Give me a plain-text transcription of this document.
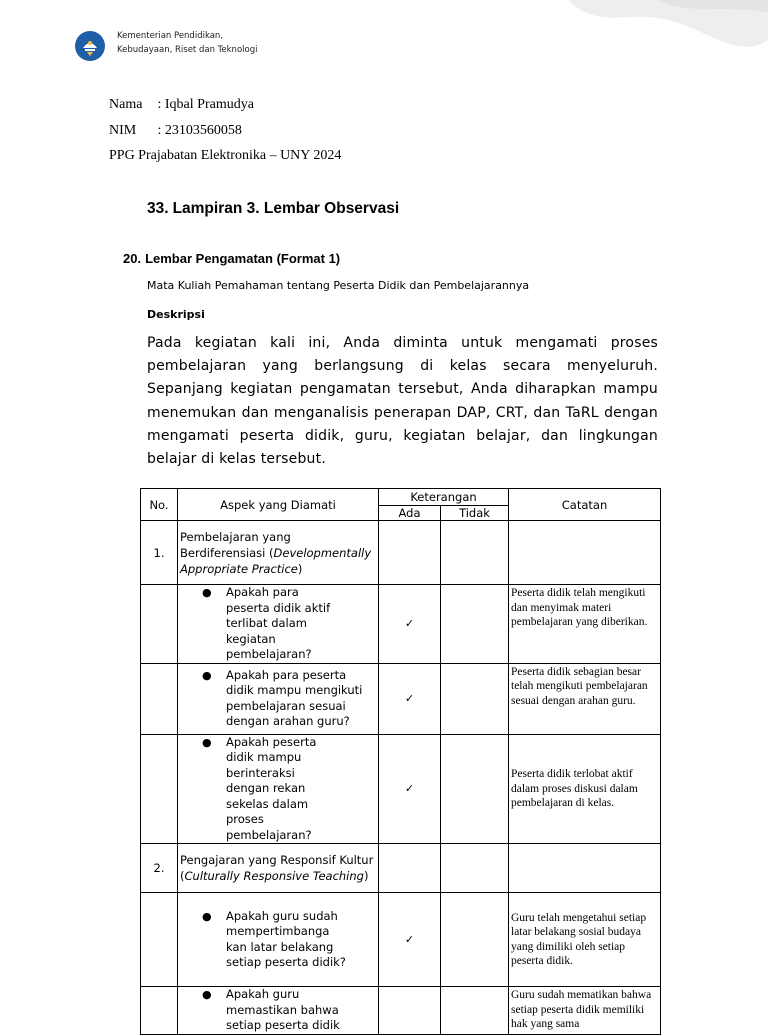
Kementerian Pendidikan,
Kebudayaan, Riset dan Teknologi
Nama : Iqbal Pramudya
NIM : 23103560058
PPG Prajabatan Elektronika – UNY 2024
33. Lampiran 3. Lembar Observasi
20. Lembar Pengamatan (Format 1)
Mata Kuliah Pemahaman tentang Peserta Didik dan Pembelajarannya
Deskripsi
Pada kegiatan kali ini, Anda diminta untuk mengamati proses pembelajaran yang berlangsung di kelas secara menyeluruh. Sepanjang kegiatan pengamatan tersebut, Anda diharapkan mampu menemukan dan menganalisis penerapan DAP, CRT, dan TaRL dengan mengamati peserta didik, guru, kegiatan belajar, dan lingkungan belajar di kelas tersebut.
No.	Aspek yang Diamati	Keterangan		Catatan
		Ada	Tidak	
1.	Pembelajaran yang Berdiferensiasi (Developmentally Appropriate Practice)			

	● Apakah para peserta didik aktif terlibat dalam kegiatan pembelajaran?	✓		Peserta didik telah mengikuti dan menyimak materi pembelajaran yang diberikan.

	● Apakah para peserta didik mampu mengikuti pembelajaran sesuai dengan arahan guru?	✓		Peserta didik sebagian besar telah mengikuti pembelajaran sesuai dengan arahan guru.

	● Apakah peserta didik mampu berinteraksi dengan rekan sekelas dalam proses pembelajaran?	✓		Peserta didik terlobat aktif dalam proses diskusi dalam pembelajaran di kelas.
2.	Pengajaran yang Responsif Kultur (Culturally Responsive Teaching)			

	● Apakah guru sudah mempertimbanga kan latar belakang setiap peserta didik?	✓		Guru telah mengetahui setiap latar belakang sosial budaya yang dimiliki oleh setiap peserta didik.

	● Apakah guru memastikan bahwa setiap peserta didik			Guru sudah mematikan bahwa setiap peserta didik memiliki hak yang sama
